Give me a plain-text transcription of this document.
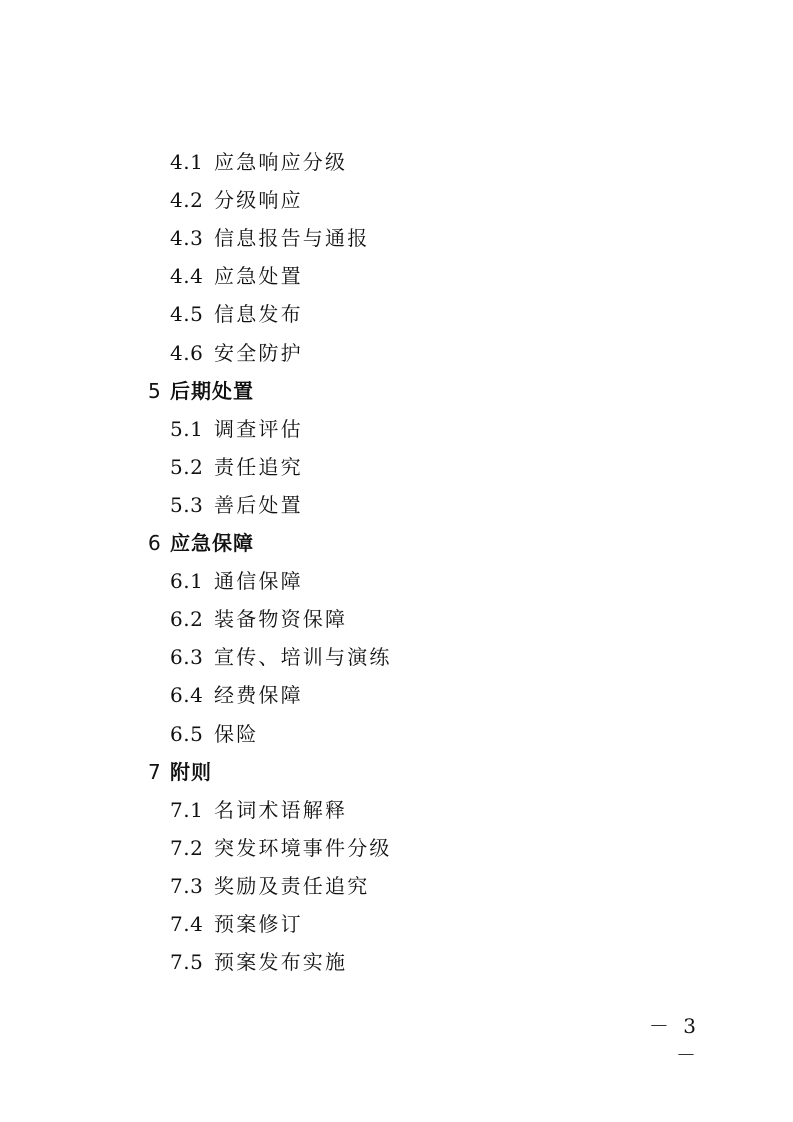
4.1 应急响应分级
4.2 分级响应
4.3 信息报告与通报
4.4 应急处置
4.5 信息发布
4.6 安全防护
5 后期处置
5.1 调查评估
5.2 责任追究
5.3 善后处置
6 应急保障
6.1 通信保障
6.2 装备物资保障
6.3 宣传、培训与演练
6.4 经费保障
6.5 保险
7 附则
7.1 名词术语解释
7.2 突发环境事件分级
7.3 奖励及责任追究
7.4 预案修订
7.5 预案发布实施
－ 3 －
